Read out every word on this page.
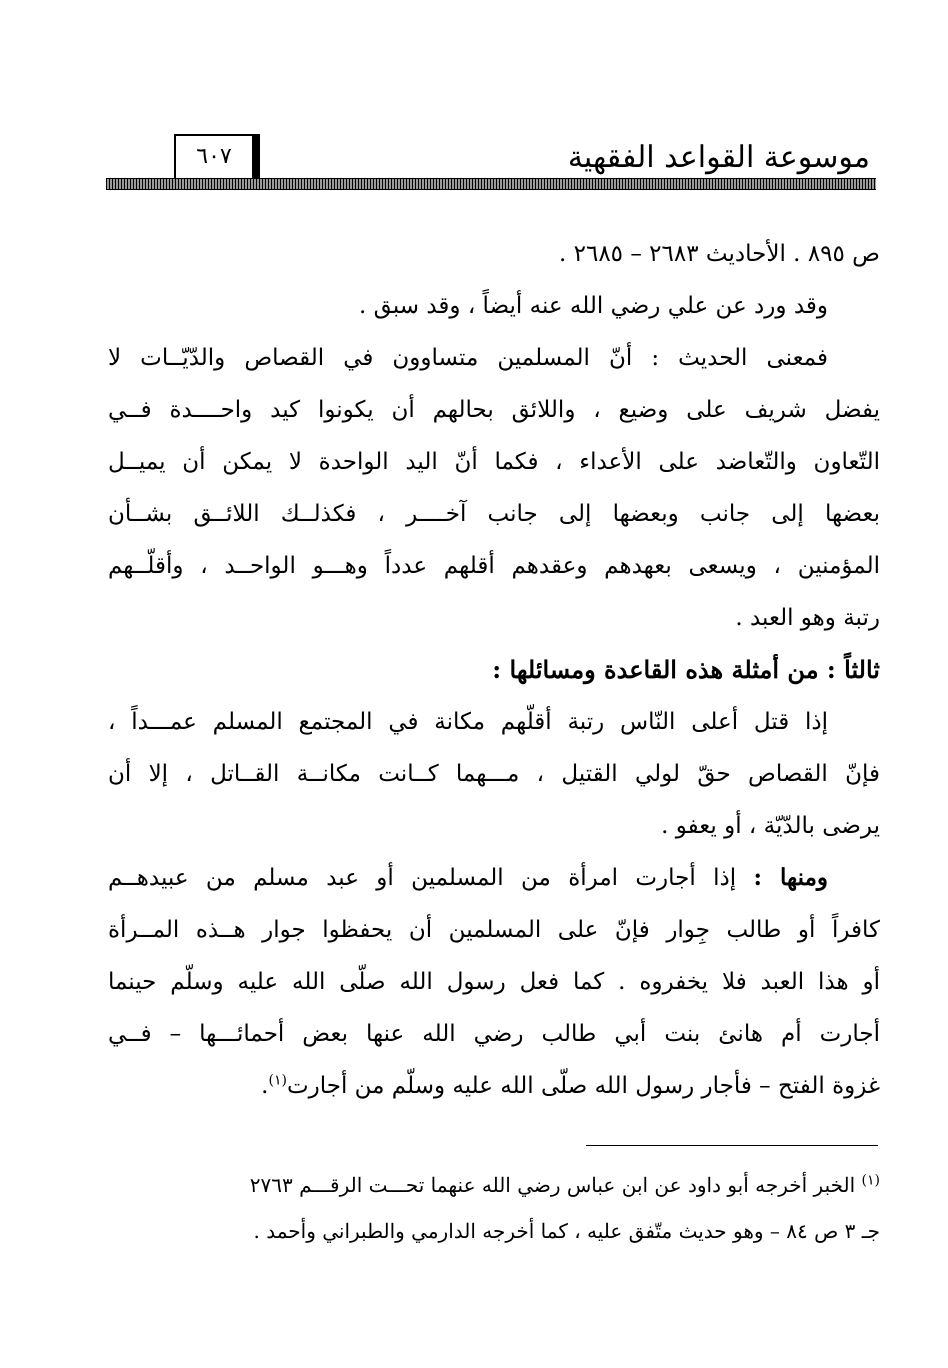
موسوعة القواعد الفقهية
٦٠٧
ص ٨٩٥ . الأحاديث ٢٦٨٣ – ٢٦٨٥ .
وقد ورد عن علي رضي الله عنه أيضاً ، وقد سبق .
فمعنى الحديث : أنّ المسلمين متساوون في القصاص والدّيّــات لا
يفضل شريف على وضيع ، واللائق بحالهم أن يكونوا كيد واحــــدة فــي
التّعاون والتّعاضد على الأعداء ، فكما أنّ اليد الواحدة لا يمكن أن يميــل
بعضها إلى جانب وبعضها إلى جانب آخــــر ، فكذلــك اللائــق بشــأن
المؤمنين ، ويسعى بعهدهم وعقدهم أقلهم عدداً وهـــو الواحــد ، وأقلّــهم
رتبة وهو العبد .
ثالثاً : من أمثلة هذه القاعدة ومسائلها :
إذا قتل أعلى النّاس رتبة أقلّهم مكانة في المجتمع المسلم عمـــداً ،
فإنّ القصاص حقّ لولي القتيل ، مـــهما كــانت مكانــة القــاتل ، إلا أن
يرضى بالدّيّة ، أو يعفو .
ومنها : إذا أجارت امرأة من المسلمين أو عبد مسلم من عبيدهــم
كافراً أو طالب جِوار فإنّ على المسلمين أن يحفظوا جوار هــذه المــرأة
أو هذا العبد فلا يخفروه . كما فعل رسول الله صلّى الله عليه وسلّم حينما
أجارت أم هانئ بنت أبي طالب رضي الله عنها بعض أحمائـــها – فــي
غزوة الفتح – فأجار رسول الله صلّى الله عليه وسلّم من أجارت$^{(١)}$.
$^{(١)}$ الخبر أخرجه أبو داود عن ابن عباس رضي الله عنهما تحـــت الرقـــم ٢٧٦٣
جـ ٣ ص ٨٤ – وهو حديث متّفق عليه ، كما أخرجه الدارمي والطبراني وأحمد .
